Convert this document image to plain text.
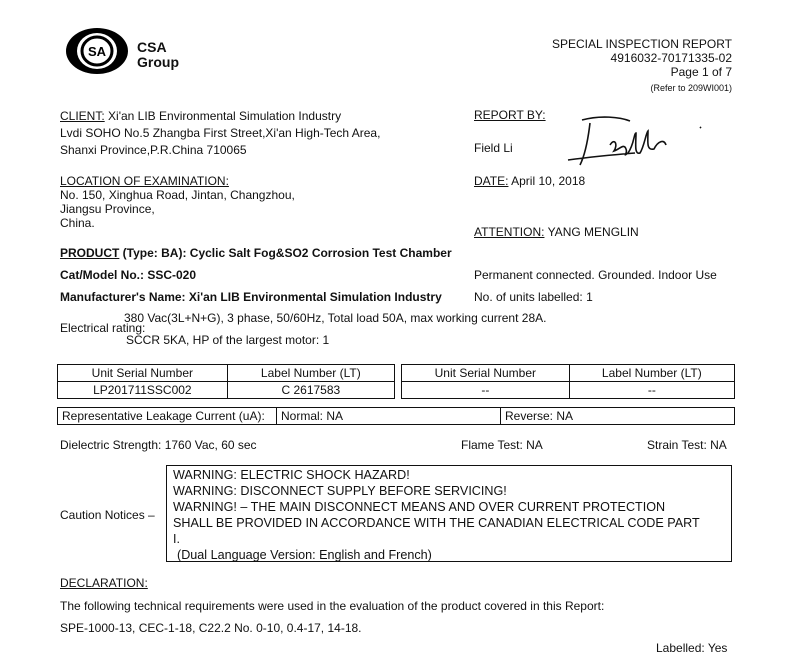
SA CSA
Group
SPECIAL INSPECTION REPORT
4916032-70171335-02
Page 1 of 7
(Refer to 209WI001)
CLIENT: Xi'an LIB Environmental Simulation Industry
Lvdi SOHO No.5 Zhangba First Street,Xi'an High-Tech Area,
Shanxi Province,P.R.China 710065
REPORT BY:
Field Li
LOCATION OF EXAMINATION:
No. 150, Xinghua Road, Jintan, Changzhou,
Jiangsu Province,
China.
DATE: April 10, 2018
ATTENTION: YANG MENGLIN
PRODUCT (Type: BA): Cyclic Salt Fog&SO2 Corrosion Test Chamber
Cat/Model No.: SSC-020
Manufacturer's Name: Xi'an LIB Environmental Simulation Industry
Permanent connected. Grounded. Indoor Use
No. of units labelled: 1
Electrical rating:
380 Vac(3L+N+G), 3 phase, 50/60Hz, Total load 50A, max working current 28A.
SCCR 5KA, HP of the largest motor: 1
Unit Serial Number	Label Number (LT)
LP201711SSC002	C 2617583
Unit Serial Number	Label Number (LT)
--	--
Representative Leakage Current (uA):	Normal: NA	Reverse: NA
Dielectric Strength: 1760 Vac, 60 sec	Flame Test: NA	Strain Test: NA
Caution Notices –
WARNING: ELECTRIC SHOCK HAZARD!
WARNING: DISCONNECT SUPPLY BEFORE SERVICING!
WARNING! – THE MAIN DISCONNECT MEANS AND OVER CURRENT PROTECTION
SHALL BE PROVIDED IN ACCORDANCE WITH THE CANADIAN ELECTRICAL CODE PART
I.
(Dual Language Version: English and French)
DECLARATION:
The following technical requirements were used in the evaluation of the product covered in this Report:
SPE-1000-13, CEC-1-18, C22.2 No. 0-10, 0.4-17, 14-18.
Labelled: Yes
